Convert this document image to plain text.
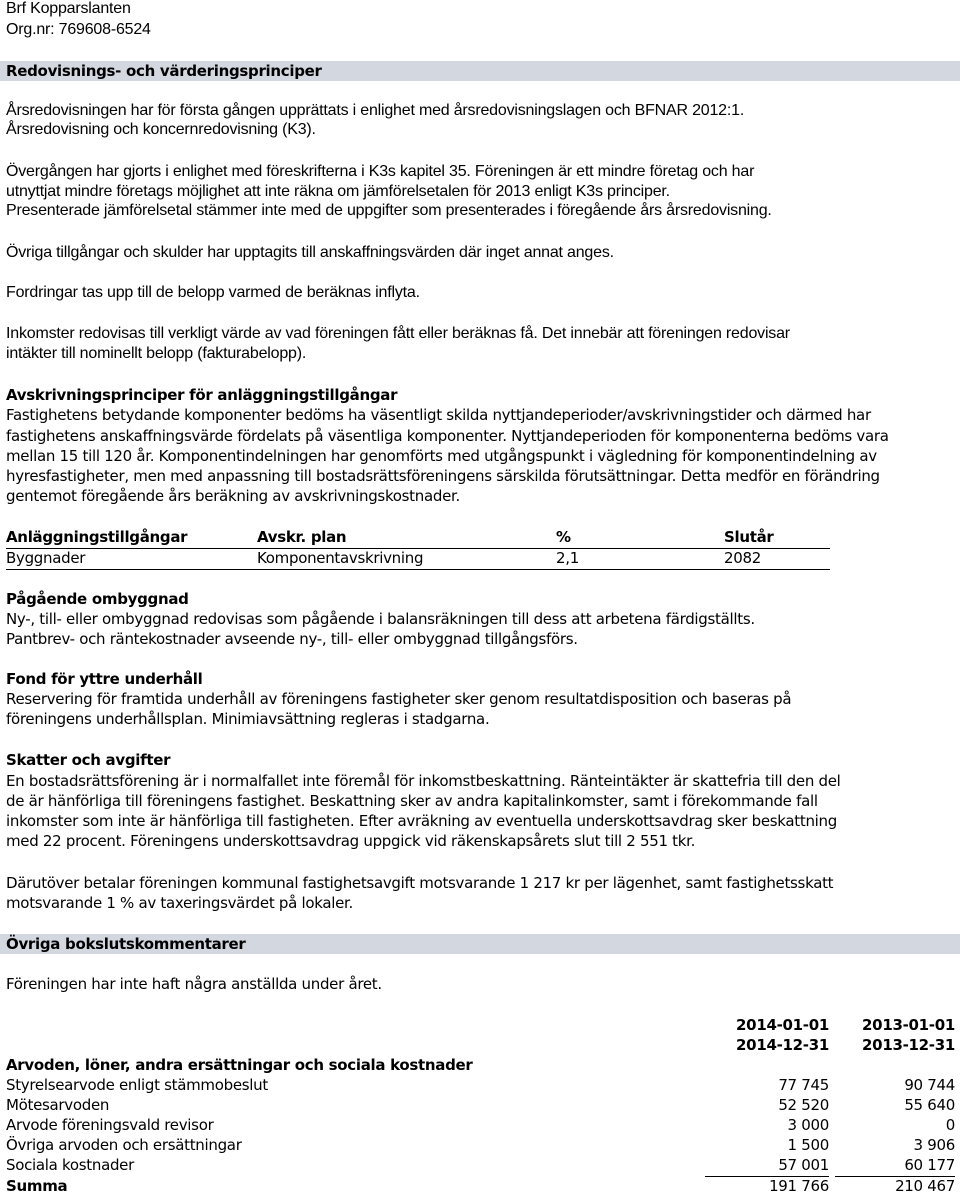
Brf Kopparslanten
Org.nr: 769608-6524
Redovisnings- och värderingsprinciper
Årsredovisningen har för första gången upprättats i enlighet med årsredovisningslagen och BFNAR 2012:1.
Årsredovisning och koncernredovisning (K3).
Övergången har gjorts i enlighet med föreskrifterna i K3s kapitel 35. Föreningen är ett mindre företag och har
utnyttjat mindre företags möjlighet att inte räkna om jämförelsetalen för 2013 enligt K3s principer.
Presenterade jämförelsetal stämmer inte med de uppgifter som presenterades i föregående års årsredovisning.
Övriga tillgångar och skulder har upptagits till anskaffningsvärden där inget annat anges.
Fordringar tas upp till de belopp varmed de beräknas inflyta.
Inkomster redovisas till verkligt värde av vad föreningen fått eller beräknas få. Det innebär att föreningen redovisar
intäkter till nominellt belopp (fakturabelopp).
Avskrivningsprinciper för anläggningstillgångar
Fastighetens betydande komponenter bedöms ha väsentligt skilda nyttjandeperioder/avskrivningstider och därmed har
fastighetens anskaffningsvärde fördelats på väsentliga komponenter. Nyttjandeperioden för komponenterna bedöms vara
mellan 15 till 120 år. Komponentindelningen har genomförts med utgångspunkt i vägledning för komponentindelning av
hyresfastigheter, men med anpassning till bostadsrättsföreningens särskilda förutsättningar. Detta medför en förändring
gentemot föregående års beräkning av avskrivningskostnader.
Anläggningstillgångar	Avskr. plan	%	Slutår
Byggnader	Komponentavskrivning	2,1	2082
Pågående ombyggnad
Ny-, till- eller ombyggnad redovisas som pågående i balansräkningen till dess att arbetena färdigställts.
Pantbrev- och räntekostnader avseende ny-, till- eller ombyggnad tillgångsförs.
Fond för yttre underhåll
Reservering för framtida underhåll av föreningens fastigheter sker genom resultatdisposition och baseras på
föreningens underhållsplan. Minimiavsättning regleras i stadgarna.
Skatter och avgifter
En bostadsrättsförening är i normalfallet inte föremål för inkomstbeskattning. Ränteintäkter är skattefria till den del
de är hänförliga till föreningens fastighet. Beskattning sker av andra kapitalinkomster, samt i förekommande fall
inkomster som inte är hänförliga till fastigheten. Efter avräkning av eventuella underskottsavdrag sker beskattning
med 22 procent. Föreningens underskottsavdrag uppgick vid räkenskapsårets slut till 2 551 tkr.
Därutöver betalar föreningen kommunal fastighetsavgift motsvarande 1 217 kr per lägenhet, samt fastighetsskatt
motsvarande 1 % av taxeringsvärdet på lokaler.
Övriga bokslutskommentarer
Föreningen har inte haft några anställda under året.
2014-01-01	2013-01-01
2014-12-31	2013-12-31
Arvoden, löner, andra ersättningar och sociala kostnader
Styrelsearvode enligt stämmobeslut	77 745	90 744
Mötesarvoden	52 520	55 640
Arvode föreningsvald revisor	3 000	0
Övriga arvoden och ersättningar	1 500	3 906
Sociala kostnader	57 001	60 177
Summa	191 766	210 467
